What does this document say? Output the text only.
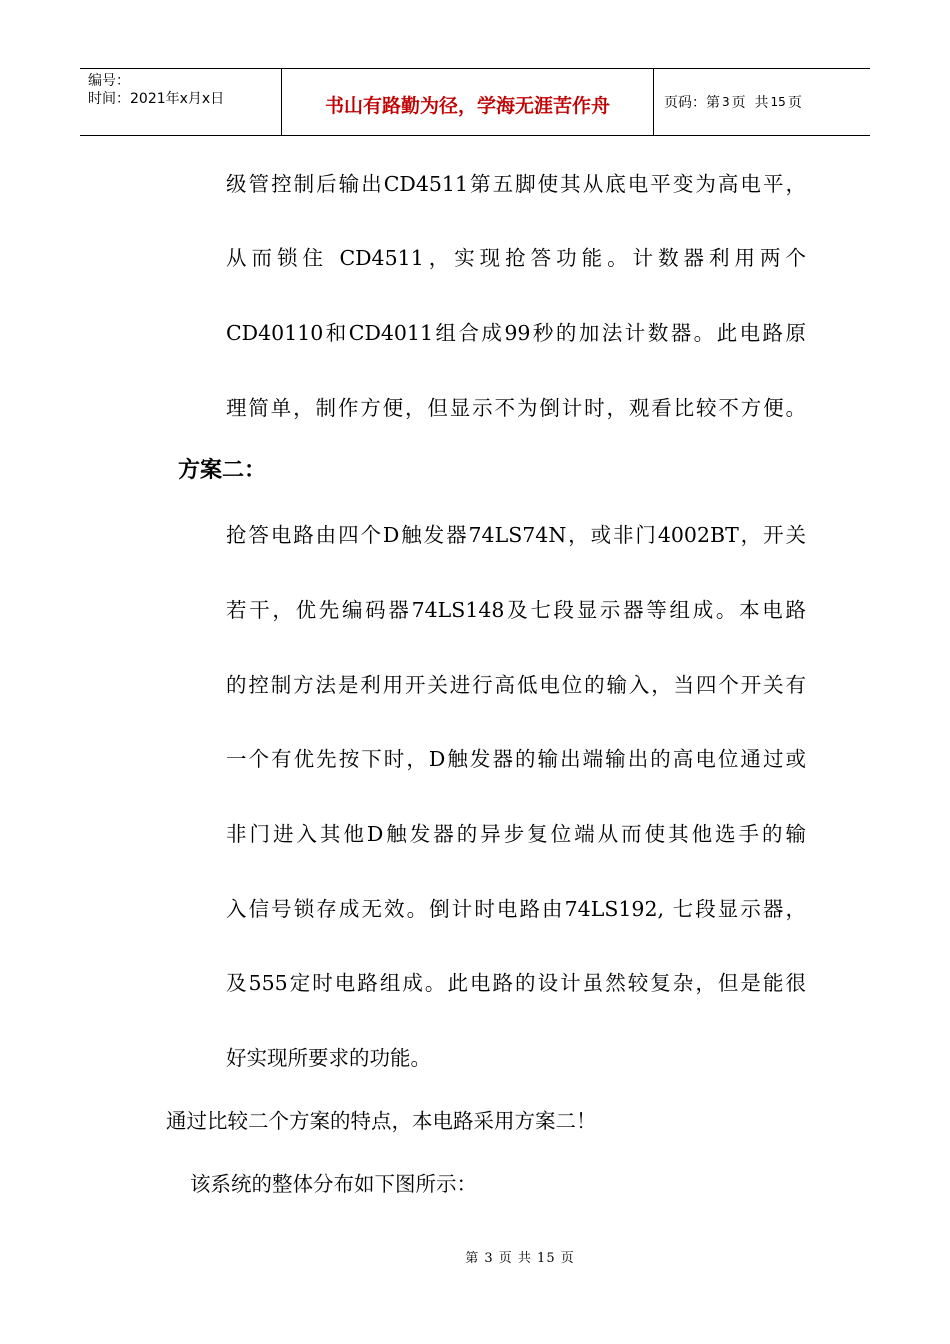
编号：
时间：2021年x月x日	书山有路勤为径，学海无涯苦作舟	页码：第 3 页  共 15 页
级管控制后输出CD4511第五脚使其从底电平变为高电平，
从而锁住 CD4511，实现抢答功能。计数器利用两个
CD40110和CD4011组合成99秒的加法计数器。此电路原
理简单，制作方便，但显示不为倒计时，观看比较不方便。
方案二：
抢答电路由四个D触发器74LS74N，或非门4002BT，开关
若干，优先编码器74LS148及七段显示器等组成。本电路
的控制方法是利用开关进行高低电位的输入，当四个开关有
一个有优先按下时，D触发器的输出端输出的高电位通过或
非门进入其他D触发器的异步复位端从而使其他选手的输
入信号锁存成无效。倒计时电路由74LS192, 七段显示器，
及555定时电路组成。此电路的设计虽然较复杂，但是能很
好实现所要求的功能。
通过比较二个方案的特点，本电路采用方案二！
该系统的整体分布如下图所示：
第 3 页 共 15 页
